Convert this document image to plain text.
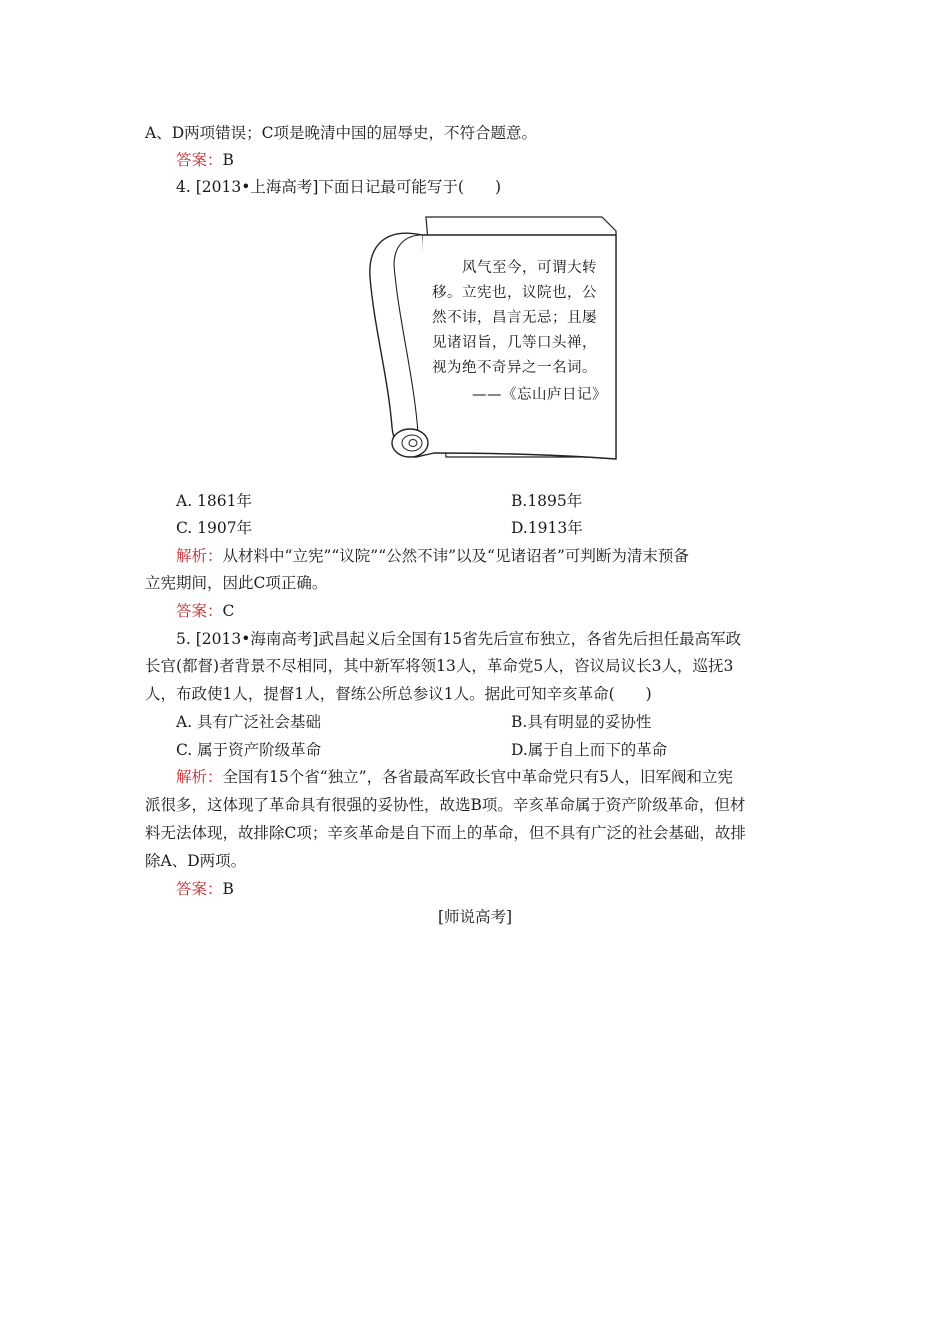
A、D两项错误；C项是晚清中国的屈辱史，不符合题意。
答案：B
4. [2013•上海高考]下面日记最可能写于(　　)
风气至今，可谓大转移。立宪也，议院也，公然不讳，昌言无忌；且屡见诸诏旨，几等口头禅，视为绝不奇异之一名词。
——《忘山庐日记》
A. 1861年	B.1895年
C. 1907年	D.1913年
解析：从材料中“立宪”“议院”“公然不讳”以及“见诸诏者”可判断为清末预备
立宪期间，因此C项正确。
答案：C
5. [2013•海南高考]武昌起义后全国有15省先后宣布独立，各省先后担任最高军政
长官(都督)者背景不尽相同，其中新军将领13人，革命党5人，咨议局议长3人，巡抚3
人，布政使1人，提督1人，督练公所总参议1人。据此可知辛亥革命(　　)
A. 具有广泛社会基础	B.具有明显的妥协性
C. 属于资产阶级革命	D.属于自上而下的革命
解析：全国有15个省“独立”，各省最高军政长官中革命党只有5人，旧军阀和立宪
派很多，这体现了革命具有很强的妥协性，故选B项。辛亥革命属于资产阶级革命，但材
料无法体现，故排除C项；辛亥革命是自下而上的革命，但不具有广泛的社会基础，故排
除A、D两项。
答案：B
[师说高考]
